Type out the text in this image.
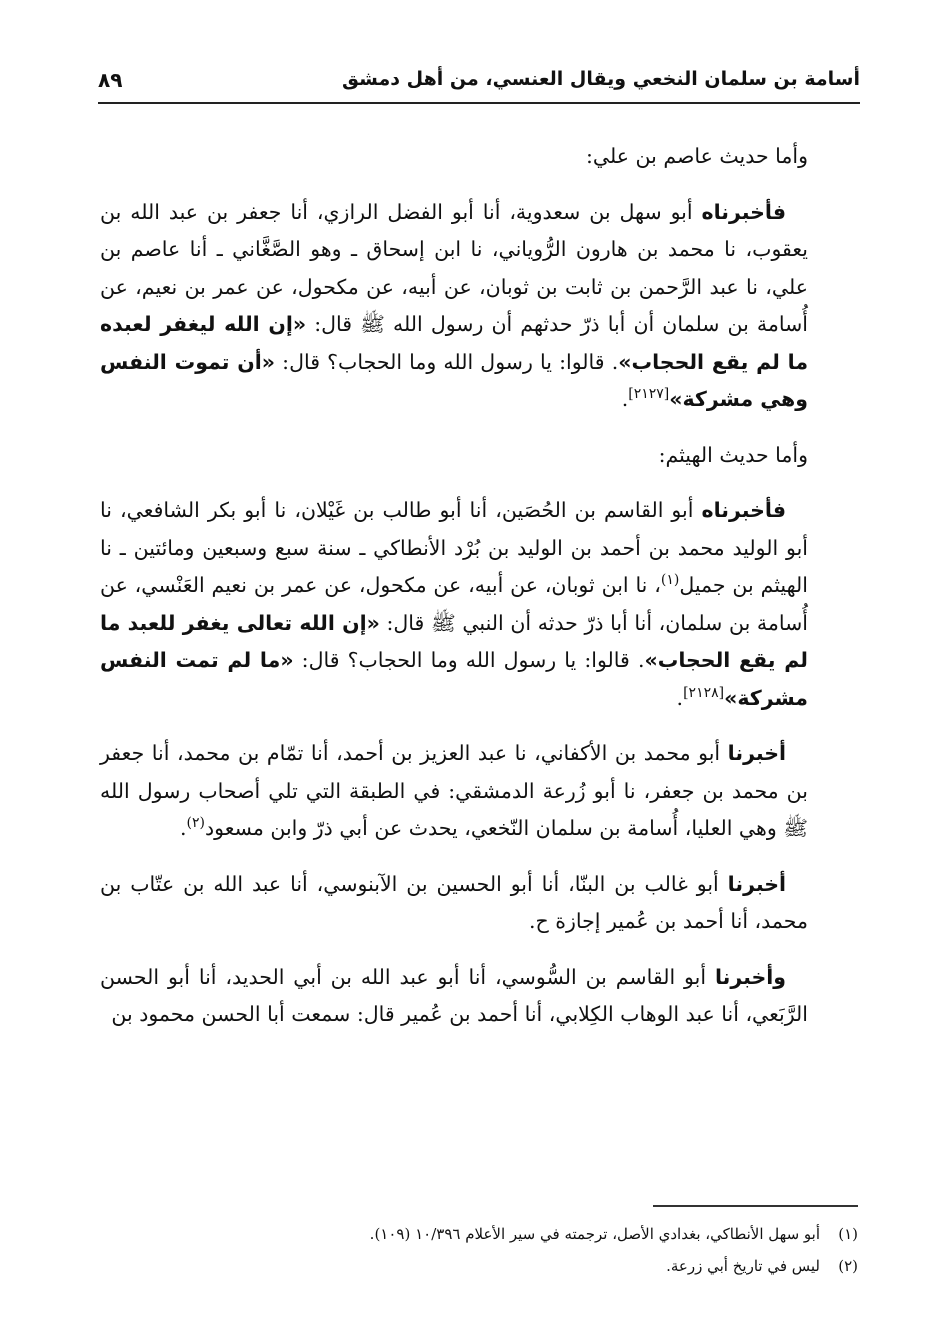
أسامة بن سلمان النخعي ويقال العنسي، من أهل دمشق
٨٩

وأما حديث عاصم بن علي:

فأخبرناه أبو سهل بن سعدوية، أنا أبو الفضل الرازي، أنا جعفر بن عبد الله بن يعقوب، نا محمد بن هارون الرُّوياني، نا ابن إسحاق ـ وهو الصَّغَّاني ـ أنا عاصم بن علي، نا عبد الرَّحمن بن ثابت بن ثوبان، عن أبيه، عن مكحول، عن عمر بن نعيم، عن أُسامة بن سلمان أن أبا ذرّ حدثهم أن رسول الله ﷺ قال: «إن الله ليغفر لعبده ما لم يقع الحجاب». قالوا: يا رسول الله وما الحجاب؟ قال: «أن تموت النفس وهي مشركة»[٢١٢٧].

وأما حديث الهيثم:

فأخبرناه أبو القاسم بن الحُصَين، أنا أبو طالب بن غَيْلان، نا أبو بكر الشافعي، نا أبو الوليد محمد بن أحمد بن الوليد بن بُرْد الأنطاكي ـ سنة سبع وسبعين ومائتين ـ نا الهيثم بن جميل$^{(١)}$، نا ابن ثوبان، عن أبيه، عن مكحول، عن عمر بن نعيم العَنْسي، عن أُسامة بن سلمان، أنا أبا ذرّ حدثه أن النبي ﷺ قال: «إن الله تعالى يغفر للعبد ما لم يقع الحجاب». قالوا: يا رسول الله وما الحجاب؟ قال: «ما لم تمت النفس مشركة»[٢١٢٨].

أخبرنا أبو محمد بن الأكفاني، نا عبد العزيز بن أحمد، أنا تمّام بن محمد، أنا جعفر بن محمد بن جعفر، نا أبو زُرعة الدمشقي: في الطبقة التي تلي أصحاب رسول الله ﷺ وهي العليا، أُسامة بن سلمان النّخعي، يحدث عن أبي ذرّ وابن مسعود$^{(٢)}$.

أخبرنا أبو غالب بن البنّا، أنا أبو الحسين بن الآبنوسي، أنا عبد الله بن عتّاب بن محمد، أنا أحمد بن عُمير إجازة ح.

وأخبرنا أبو القاسم بن السُّوسي، أنا أبو عبد الله بن أبي الحديد، أنا أبو الحسن الرَّبَعي، أنا عبد الوهاب الكِلابي، أنا أحمد بن عُمير قال: سمعت أبا الحسن محمود بن

(١)
أبو سهل الأنطاكي، بغدادي الأصل، ترجمته في سير الأعلام ١٠/٣٩٦ (١٠٩).
(٢)
ليس في تاريخ أبي زرعة.
